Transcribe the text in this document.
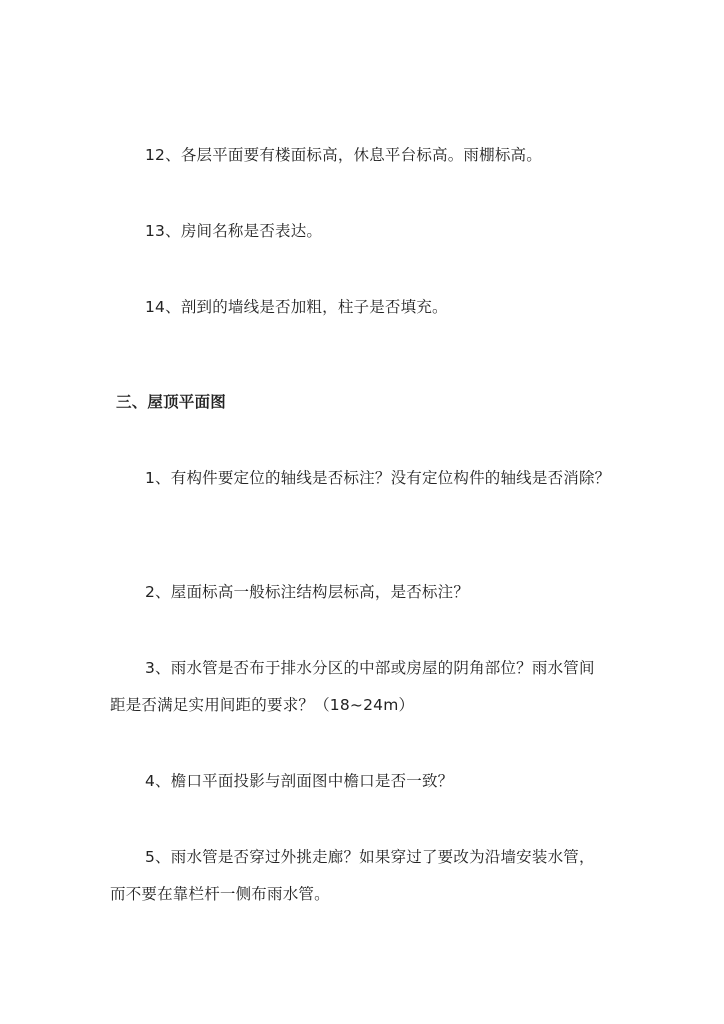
12、各层平面要有楼面标高，休息平台标高。雨棚标高。
13、房间名称是否表达。
14、剖到的墙线是否加粗，柱子是否填充。
三、屋顶平面图
1、有构件要定位的轴线是否标注？没有定位构件的轴线是否消除？
2、屋面标高一般标注结构层标高，是否标注？
3、雨水管是否布于排水分区的中部或房屋的阴角部位？雨水管间
距是否满足实用间距的要求？（18~24m）
4、檐口平面投影与剖面图中檐口是否一致？
5、雨水管是否穿过外挑走廊？如果穿过了要改为沿墙安装水管，
而不要在靠栏杆一侧布雨水管。
